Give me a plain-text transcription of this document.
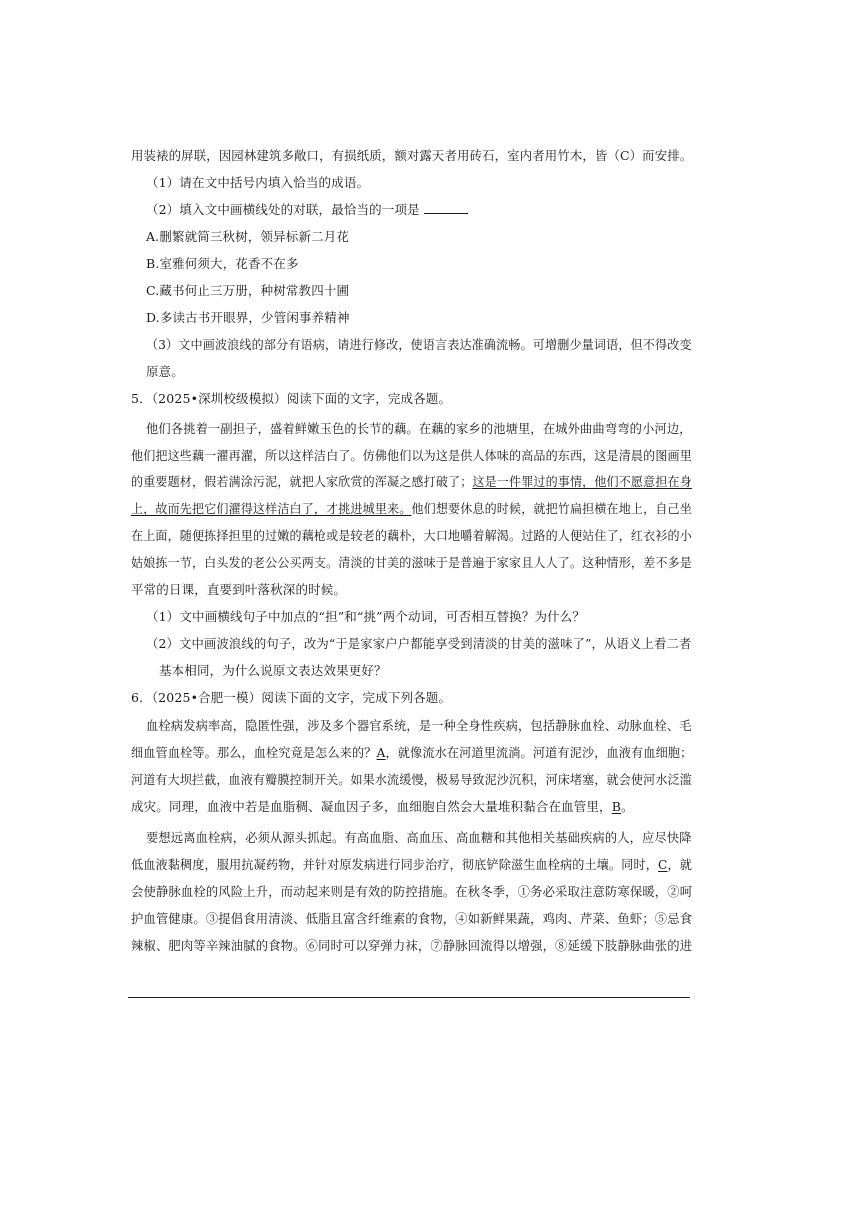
用装裱的屏联，因园林建筑多敞口，有损纸质，额对露天者用砖石，室内者用竹木，皆（C）而安排。
（1）请在文中括号内填入恰当的成语。
（2）填入文中画横线处的对联，最恰当的一项是
A.删繁就简三秋树，领异标新二月花
B.室雅何须大，花香不在多
C.藏书何止三万册，种树常教四十圃
D.多读古书开眼界，少管闲事养精神
（3）文中画波浪线的部分有语病，请进行修改，使语言表达准确流畅。可增删少量词语，但不得改变
原意。
5．（2025•深圳校级模拟）阅读下面的文字，完成各题。
他们各挑着一副担子，盛着鲜嫩玉色的长节的藕。在藕的家乡的池塘里，在城外曲曲弯弯的小河边，
他们把这些藕一濯再濯，所以这样洁白了。仿佛他们以为这是供人体味的高品的东西，这是清晨的图画里
的重要题材，假若满涂污泥，就把人家欣赏的浑凝之感打破了；这是一件罪过的事情，他们不愿意担在身
上，故而先把它们濯得这样洁白了，才挑进城里来。他们想要休息的时候，就把竹扁担横在地上，自己坐
在上面，随便拣择担里的过嫩的藕枪或是较老的藕朴，大口地嚼着解渴。过路的人便站住了，红衣衫的小
姑娘拣一节，白头发的老公公买两支。清淡的甘美的滋味于是普遍于家家且人人了。这种情形，差不多是
平常的日课，直要到叶落秋深的时候。
（1）文中画横线句子中加点的“担”和“挑”两个动词，可否相互替换？为什么？
（2）文中画波浪线的句子，改为“于是家家户户都能享受到清淡的甘美的滋味了”，从语义上看二者
基本相同，为什么说原文表达效果更好？
6．（2025•合肥一模）阅读下面的文字，完成下列各题。
血栓病发病率高，隐匿性强，涉及多个器官系统，是一种全身性疾病，包括静脉血栓、动脉血栓、毛
细血管血栓等。那么，血栓究竟是怎么来的？A，就像流水在河道里流淌。河道有泥沙，血液有血细胞；
河道有大坝拦截，血液有瓣膜控制开关。如果水流缓慢，极易导致泥沙沉积，河床堵塞，就会使河水泛滥
成灾。同理，血液中若是血脂稠、凝血因子多，血细胞自然会大量堆积黏合在血管里，B。
要想远离血栓病，必须从源头抓起。有高血脂、高血压、高血糖和其他相关基础疾病的人，应尽快降
低血液黏稠度，服用抗凝药物，并针对原发病进行同步治疗，彻底铲除滋生血栓病的土壤。同时，C，就
会使静脉血栓的风险上升，而动起来则是有效的防控措施。在秋冬季，①务必采取注意防寒保暖，②呵
护血管健康。③提倡食用清淡、低脂且富含纤维素的食物，④如新鲜果蔬，鸡肉、芹菜、鱼虾；⑤忌食
辣椒、肥肉等辛辣油腻的食物。⑥同时可以穿弹力袜，⑦静脉回流得以增强，⑧延缓下肢静脉曲张的进
